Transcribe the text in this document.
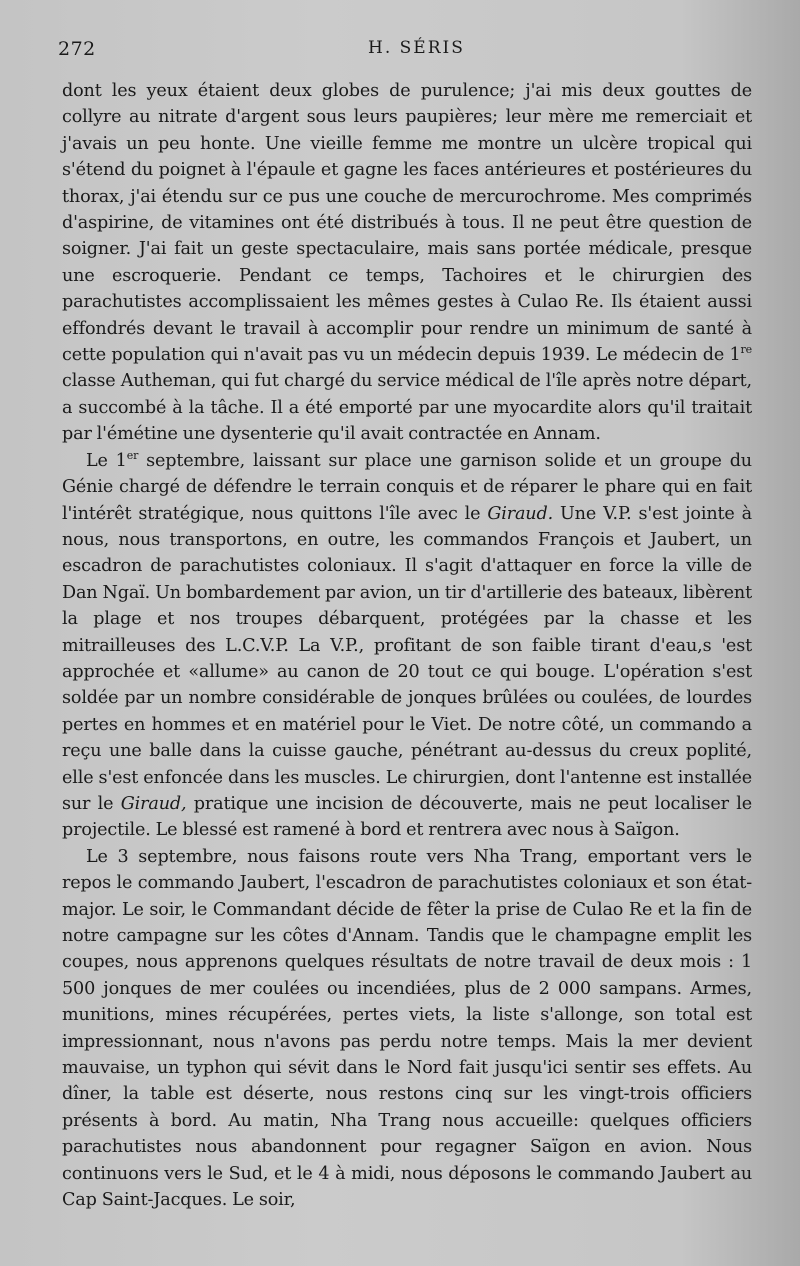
272	H. SÉRIS

dont les yeux étaient deux globes de purulence; j'ai mis deux gouttes de collyre au nitrate d'argent sous leurs paupières; leur mère me remerciait et j'avais un peu honte. Une vieille femme me montre un ulcère tropical qui s'étend du poignet à l'épaule et gagne les faces antérieures et postérieures du thorax, j'ai étendu sur ce pus une couche de mercurochrome. Mes comprimés d'aspirine, de vitamines ont été distribués à tous. Il ne peut être question de soigner. J'ai fait un geste spectaculaire, mais sans portée médicale, presque une escroquerie. Pendant ce temps, Tachoires et le chirurgien des parachutistes accomplissaient les mêmes gestes à Culao Re. Ils étaient aussi effondrés devant le travail à accomplir pour rendre un minimum de santé à cette population qui n'avait pas vu un médecin depuis 1939. Le médecin de 1re classe Autheman, qui fut chargé du service médical de l'île après notre départ, a succombé à la tâche. Il a été emporté par une myocardite alors qu'il traitait par l'émétine une dysenterie qu'il avait contractée en Annam.

Le 1er septembre, laissant sur place une garnison solide et un groupe du Génie chargé de défendre le terrain conquis et de réparer le phare qui en fait l'intérêt stratégique, nous quittons l'île avec le Giraud. Une V.P. s'est jointe à nous, nous transportons, en outre, les commandos François et Jaubert, un escadron de parachutistes coloniaux. Il s'agit d'attaquer en force la ville de Dan Ngaï. Un bombardement par avion, un tir d'artillerie des bateaux, libèrent la plage et nos troupes débarquent, protégées par la chasse et les mitrailleuses des L.C.V.P. La V.P., profitant de son faible tirant d'eau,s 'est approchée et «allume» au canon de 20 tout ce qui bouge. L'opération s'est soldée par un nombre considérable de jonques brûlées ou coulées, de lourdes pertes en hommes et en matériel pour le Viet. De notre côté, un commando a reçu une balle dans la cuisse gauche, pénétrant au-dessus du creux poplité, elle s'est enfoncée dans les muscles. Le chirurgien, dont l'antenne est installée sur le Giraud, pratique une incision de découverte, mais ne peut localiser le projectile. Le blessé est ramené à bord et rentrera avec nous à Saïgon.

Le 3 septembre, nous faisons route vers Nha Trang, emportant vers le repos le commando Jaubert, l'escadron de parachutistes coloniaux et son état-major. Le soir, le Commandant décide de fêter la prise de Culao Re et la fin de notre campagne sur les côtes d'Annam. Tandis que le champagne emplit les coupes, nous apprenons quelques résultats de notre travail de deux mois : 1 500 jonques de mer coulées ou incendiées, plus de 2 000 sampans. Armes, munitions, mines récupérées, pertes viets, la liste s'allonge, son total est impressionnant, nous n'avons pas perdu notre temps. Mais la mer devient mauvaise, un typhon qui sévit dans le Nord fait jusqu'ici sentir ses effets. Au dîner, la table est déserte, nous restons cinq sur les vingt-trois officiers présents à bord. Au matin, Nha Trang nous accueille: quelques officiers parachutistes nous abandonnent pour regagner Saïgon en avion. Nous continuons vers le Sud, et le 4 à midi, nous déposons le commando Jaubert au Cap Saint-Jacques. Le soir,
